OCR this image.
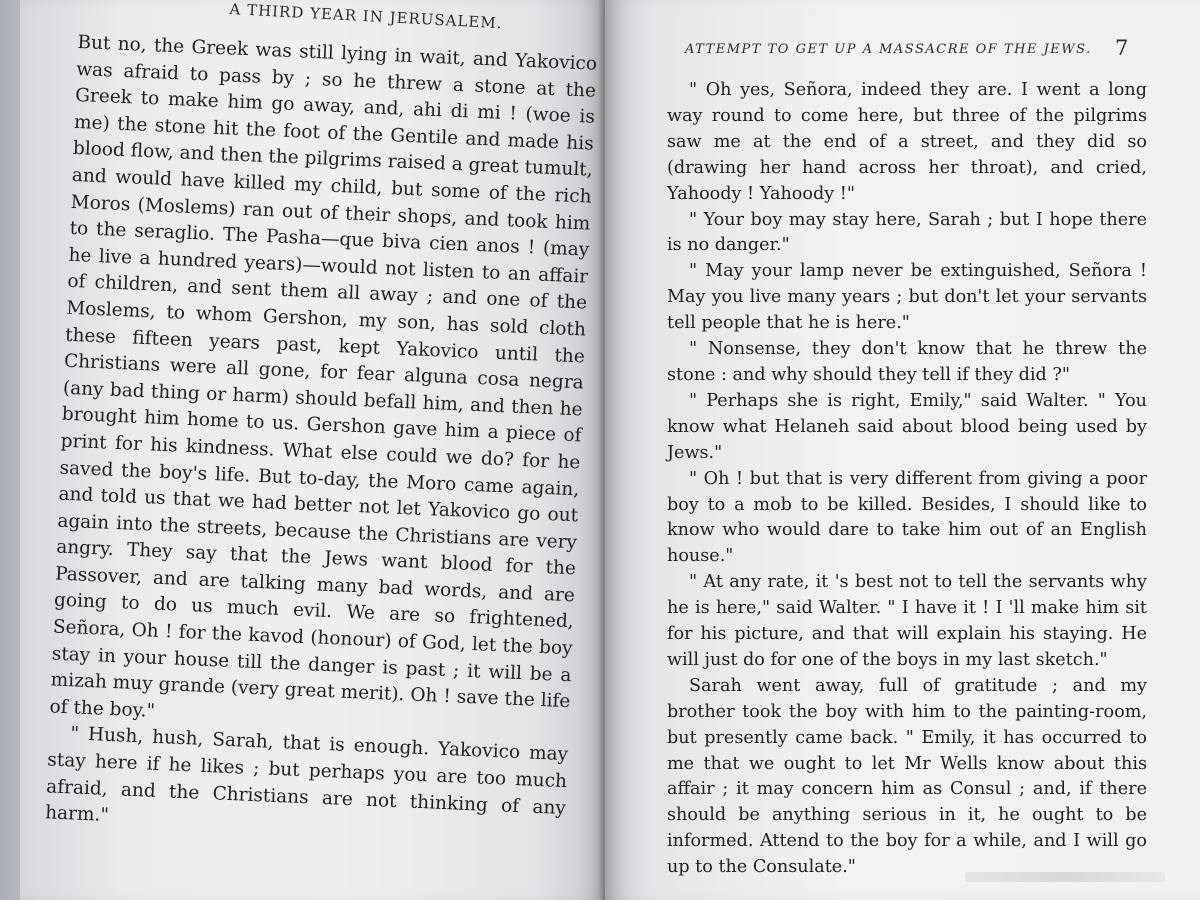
A THIRD YEAR IN JERUSALEM.

But no, the Greek was still lying in wait, and Yakovico was afraid to pass by ; so he threw a stone at the Greek to make him go away, and, ahi di mi ! (woe is me) the stone hit the foot of the Gentile and made his blood flow, and then the pilgrims raised a great tumult, and would have killed my child, but some of the rich Moros (Moslems) ran out of their shops, and took him to the seraglio. The Pasha—que biva cien anos ! (may he live a hundred years)—would not listen to an affair of children, and sent them all away ; and one of the Moslems, to whom Gershon, my son, has sold cloth these fifteen years past, kept Yakovico until the Christians were all gone, for fear alguna cosa negra (any bad thing or harm) should befall him, and then he brought him home to us. Gershon gave him a piece of print for his kindness. What else could we do? for he saved the boy's life. But to-day, the Moro came again, and told us that we had better not let Yakovico go out again into the streets, because the Christians are very angry. They say that the Jews want blood for the Passover, and are talking many bad words, and are going to do us much evil. We are so frightened, Señora, Oh ! for the kavod (honour) of God, let the boy stay in your house till the danger is past ; it will be a mizah muy grande (very great merit). Oh ! save the life of the boy."

" Hush, hush, Sarah, that is enough. Yakovico may stay here if he likes ; but perhaps you are too much afraid, and the Christians are not thinking of any harm."

ATTEMPT TO GET UP A MASSACRE OF THE JEWS. 7

" Oh yes, Señora, indeed they are. I went a long way round to come here, but three of the pilgrims saw me at the end of a street, and they did so (drawing her hand across her throat), and cried, Yahoody ! Yahoody !"

" Your boy may stay here, Sarah ; but I hope there is no danger."

" May your lamp never be extinguished, Señora ! May you live many years ; but don't let your servants tell people that he is here."

" Nonsense, they don't know that he threw the stone : and why should they tell if they did ?"

" Perhaps she is right, Emily," said Walter. " You know what Helaneh said about blood being used by Jews."

" Oh ! but that is very different from giving a poor boy to a mob to be killed. Besides, I should like to know who would dare to take him out of an English house."

" At any rate, it 's best not to tell the servants why he is here," said Walter. " I have it ! I 'll make him sit for his picture, and that will explain his staying. He will just do for one of the boys in my last sketch."

Sarah went away, full of gratitude ; and my brother took the boy with him to the painting-room, but presently came back. " Emily, it has occurred to me that we ought to let Mr Wells know about this affair ; it may concern him as Consul ; and, if there should be anything serious in it, he ought to be informed. Attend to the boy for a while, and I will go up to the Consulate."
